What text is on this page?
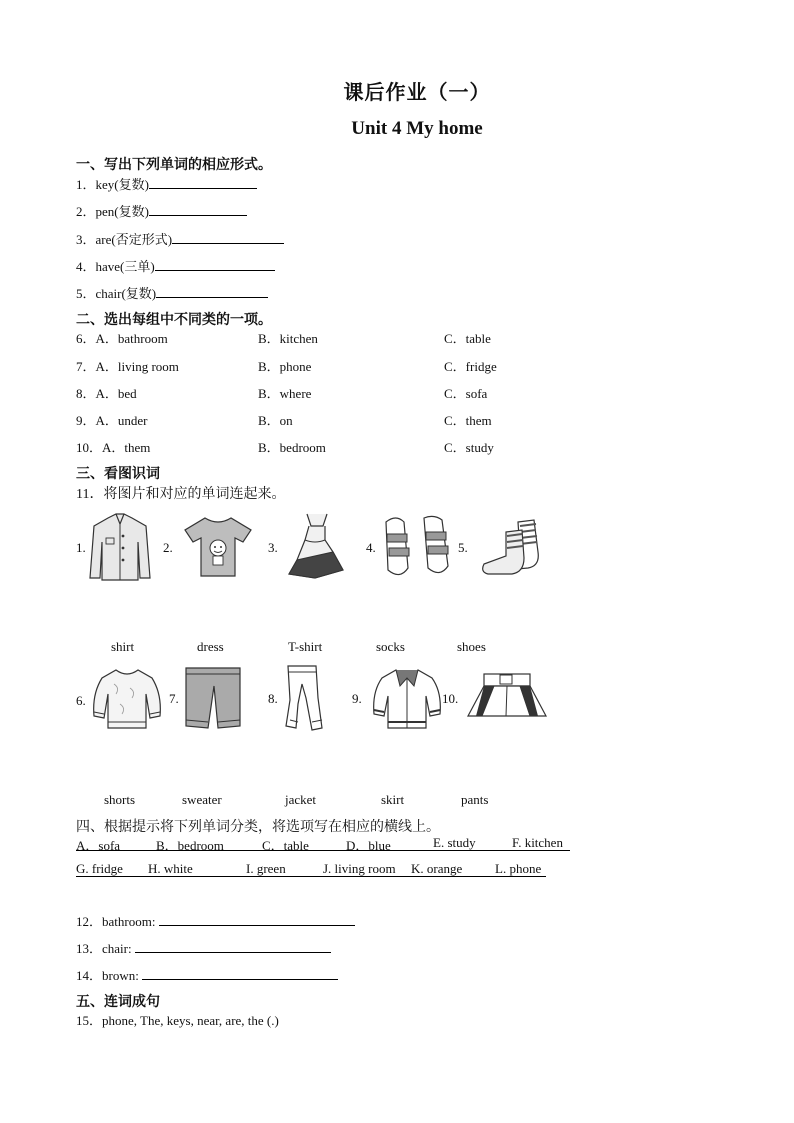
课后作业（一）
Unit 4 My home
一、写出下列单词的相应形式。
1．key(复数)
2．pen(复数)
3．are(否定形式)
4．have(三单)
5．chair(复数)
二、选出每组中不同类的一项。
6．A．bathroom	B．kitchen	C．table
7．A．living room	B．phone	C．fridge
8．A．bed	B．where	C．sofa
9．A．under	B．on	C．them
10．A．them	B．bedroom	C．study
三、看图识词
11．将图片和对应的单词连起来。
1.	2.	3.	4.	5.
shirt	dress	T-shirt	socks	shoes
6.	7.	8.	9.	10.
shorts	sweater	jacket	skirt	pants
四、根据提示将下列单词分类，将选项写在相应的横线上。
A．sofa	B．bedroom	C．table	D．blue	E. study	F. kitchen
G. fridge H. white	I. green	J. living room K. orange	L. phone
12．bathroom:
13．chair:
14．brown:
五、连词成句
15．phone, The, keys, near, are, the (.)
